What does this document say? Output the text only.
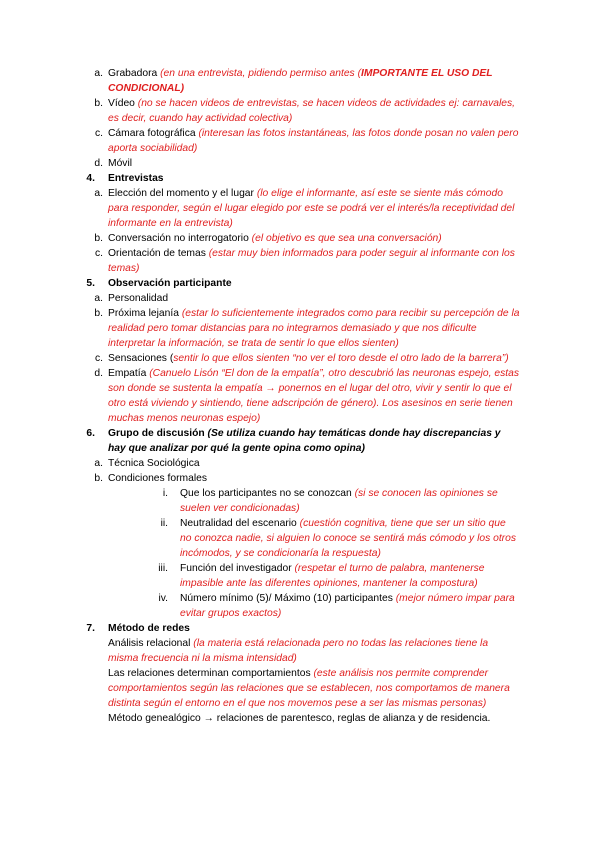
a. Grabadora (en una entrevista, pidiendo permiso antes (IMPORTANTE EL USO DEL CONDICIONAL)
b. Vídeo (no se hacen videos de entrevistas, se hacen videos de actividades ej: carnavales, es decir, cuando hay actividad colectiva)
c. Cámara fotográfica (interesan las fotos instantáneas, las fotos donde posan no valen pero aporta sociabilidad)
d. Móvil
4. Entrevistas
a. Elección del momento y el lugar (lo elige el informante, así este se siente más cómodo para responder, según el lugar elegido por este se podrá ver el interés/la receptividad del informante en la entrevista)
b. Conversación no interrogatorio (el objetivo es que sea una conversación)
c. Orientación de temas (estar muy bien informados para poder seguir al informante con los temas)
5. Observación participante
a. Personalidad
b. Próxima lejanía (estar lo suficientemente integrados como para recibir su percepción de la realidad pero tomar distancias para no integrarnos demasiado y que nos dificulte interpretar la información, se trata de sentir lo que ellos sienten)
c. Sensaciones (sentir lo que ellos sienten “no ver el toro desde el otro lado de la barrera”)
d. Empatía (Canuelo Lisón “El don de la empatía”, otro descubrió las neuronas espejo, estas son donde se sustenta la empatía → ponernos en el lugar del otro, vivir y sentir lo que el otro está viviendo y sintiendo, tiene adscripción de género). Los asesinos en serie tienen muchas menos neuronas espejo)
6. Grupo de discusión (Se utiliza cuando hay temáticas donde hay discrepancias y hay que analizar por qué la gente opina como opina)
a. Técnica Sociológica
b. Condiciones formales
i. Que los participantes no se conozcan (si se conocen las opiniones se suelen ver condicionadas)
ii. Neutralidad del escenario (cuestión cognitiva, tiene que ser un sitio que no conozca nadie, si alguien lo conoce se sentirá más cómodo y los otros incómodos, y se condicionaría la respuesta)
iii. Función del investigador (respetar el turno de palabra, mantenerse impasible ante las diferentes opiniones, mantener la compostura)
iv. Número mínimo (5)/ Máximo (10) participantes (mejor número impar para evitar grupos exactos)
7. Método de redes
Análisis relacional (la materia está relacionada pero no todas las relaciones tiene la misma frecuencia ni la misma intensidad)
Las relaciones determinan comportamientos (este análisis nos permite comprender comportamientos según las relaciones que se establecen, nos comportamos de manera distinta según el entorno en el que nos movemos pese a ser las mismas personas)
Método genealógico → relaciones de parentesco, reglas de alianza y de residencia.
